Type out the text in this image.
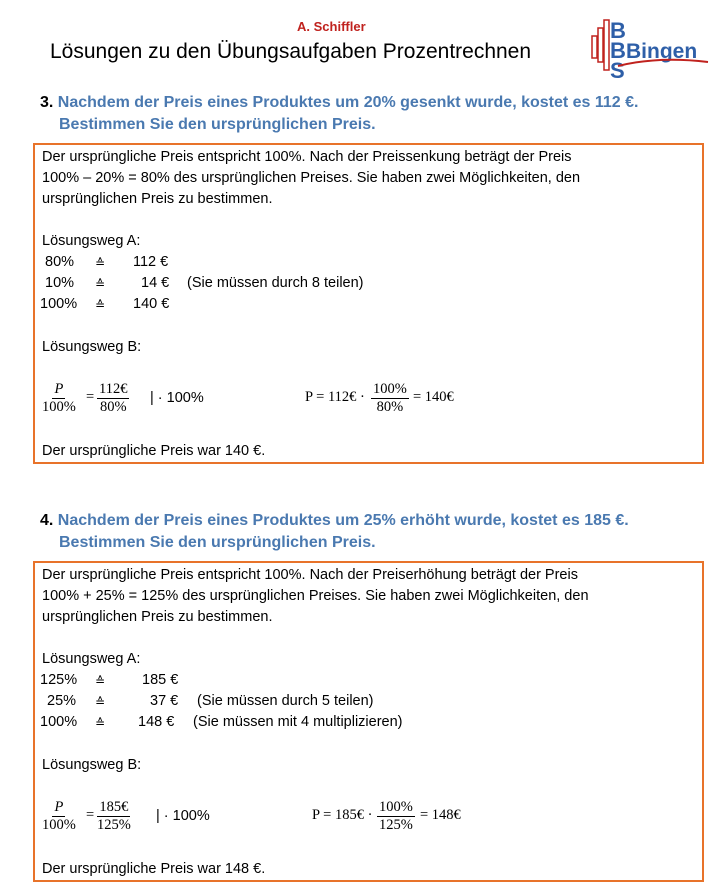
A. Schiffler
Lösungen zu den Übungsaufgaben Prozentrechnen
B
B
S
Bingen
3. Nachdem der Preis eines Produktes um 20% gesenkt wurde, kostet es 112 €.
Bestimmen Sie den ursprünglichen Preis.
Der ursprüngliche Preis entspricht 100%. Nach der Preissenkung beträgt der Preis
100% – 20% = 80% des ursprünglichen Preises. Sie haben zwei Möglichkeiten, den
ursprünglichen Preis zu bestimmen.
Lösungsweg A:
80% ≙ 112 €
10% ≙ 14 € (Sie müssen durch 8 teilen)
100% ≙ 140 €
Lösungsweg B:
$\frac{P}{100\%} = \frac{112€}{80\%}$ | · 100%	P = 112€ · $\frac{100\%}{80\%}$ = 140€
Der ursprüngliche Preis war 140 €.
4. Nachdem der Preis eines Produktes um 25% erhöht wurde, kostet es 185 €.
Bestimmen Sie den ursprünglichen Preis.
Der ursprüngliche Preis entspricht 100%. Nach der Preiserhöhung beträgt der Preis
100% + 25% = 125% des ursprünglichen Preises. Sie haben zwei Möglichkeiten, den
ursprünglichen Preis zu bestimmen.
Lösungsweg A:
125% ≙	185 €
25% ≙	37 € (Sie müssen durch 5 teilen)
100% ≙ 148 € (Sie müssen mit 4 multiplizieren)
Lösungsweg B:
$\frac{P}{100\%} = \frac{185€}{125\%}$ | · 100%	P = 185€ · $\frac{100\%}{125\%}$ = 148€
Der ursprüngliche Preis war 148 €.
